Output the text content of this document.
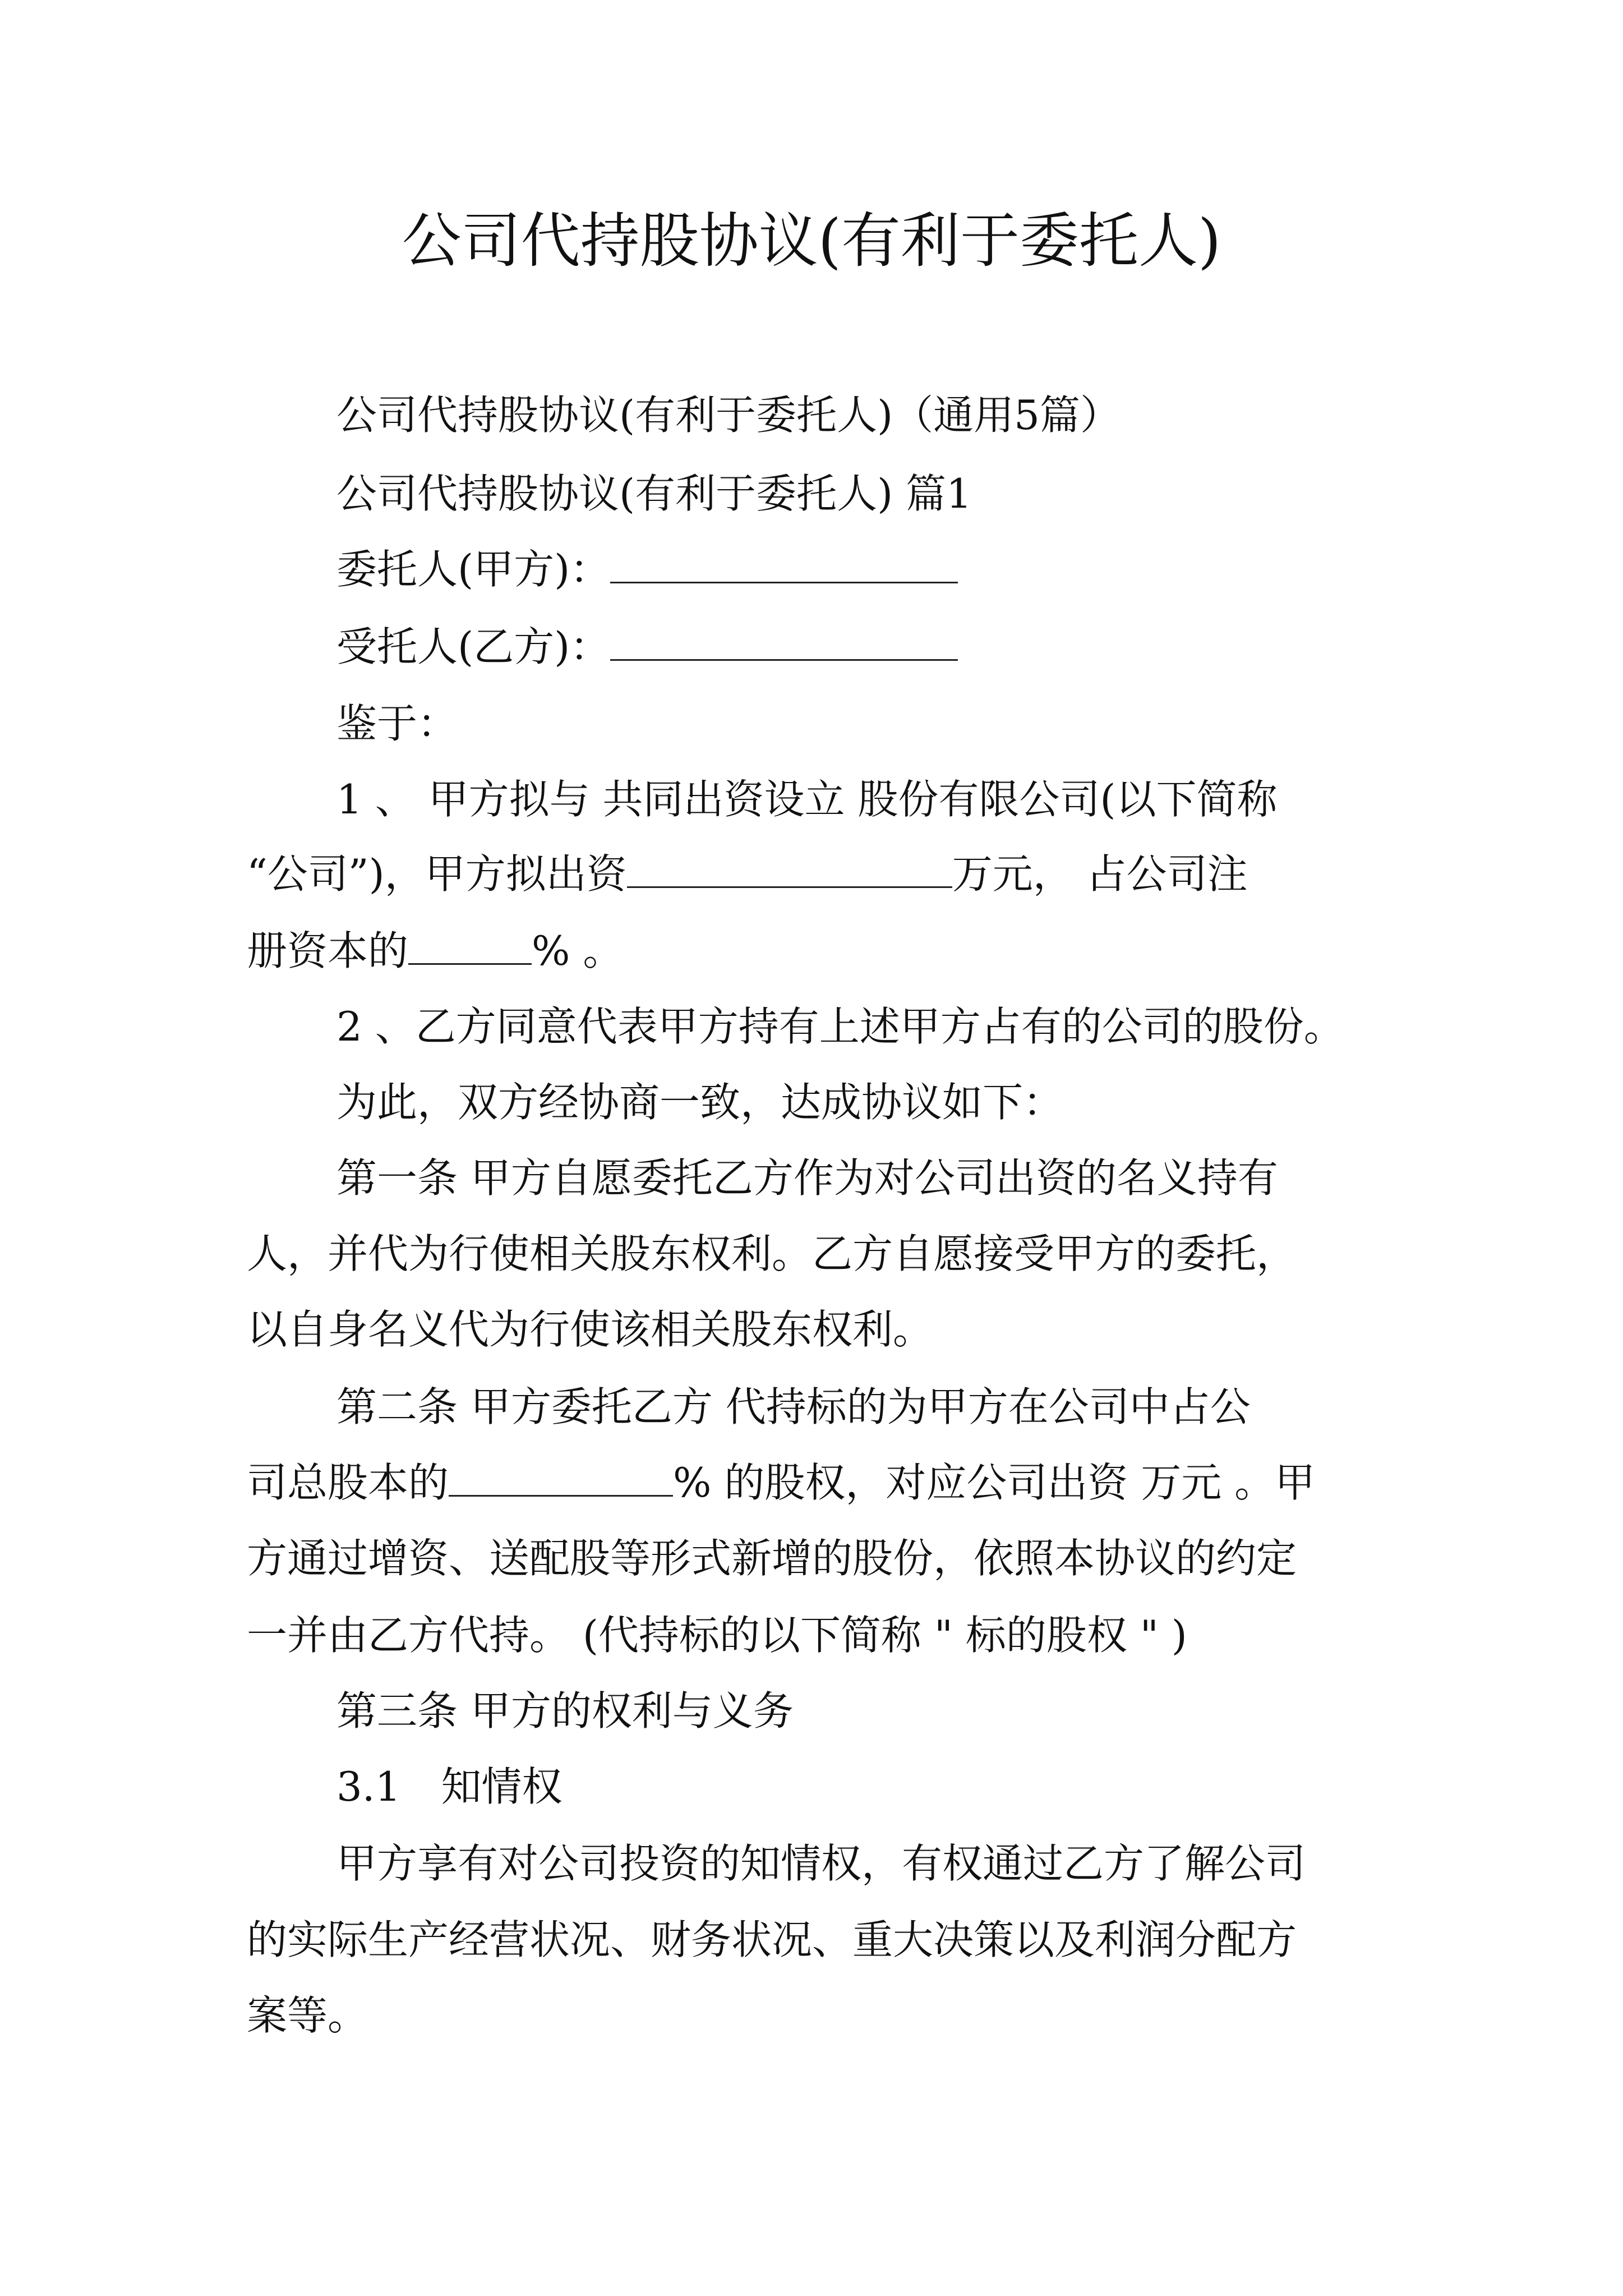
公司代持股协议(有利于委托人)

公司代持股协议(有利于委托人)（通用5篇）

公司代持股协议(有利于委托人) 篇1

委托人(甲方)：

受托人(乙方)：

鉴于：

1 、 甲方拟与 共同出资设立 股份有限公司(以下简称

“公司”)，甲方拟出资	万元， 占公司注

册资本的	% 。

2 、乙方同意代表甲方持有上述甲方占有的公司的股份。

为此，双方经协商一致，达成协议如下：

第一条 甲方自愿委托乙方作为对公司出资的名义持有

人，并代为行使相关股东权利。乙方自愿接受甲方的委托，

以自身名义代为行使该相关股东权利。

第二条 甲方委托乙方 代持标的为甲方在公司中占公

司总股本的	% 的股权，对应公司出资 万元 。甲

方通过增资、送配股等形式新增的股份，依照本协议的约定

一并由乙方代持。 (代持标的以下简称 " 标的股权 " )

第三条 甲方的权利与义务

3.1　知情权

甲方享有对公司投资的知情权，有权通过乙方了解公司

的实际生产经营状况、财务状况、重大决策以及利润分配方

案等。
